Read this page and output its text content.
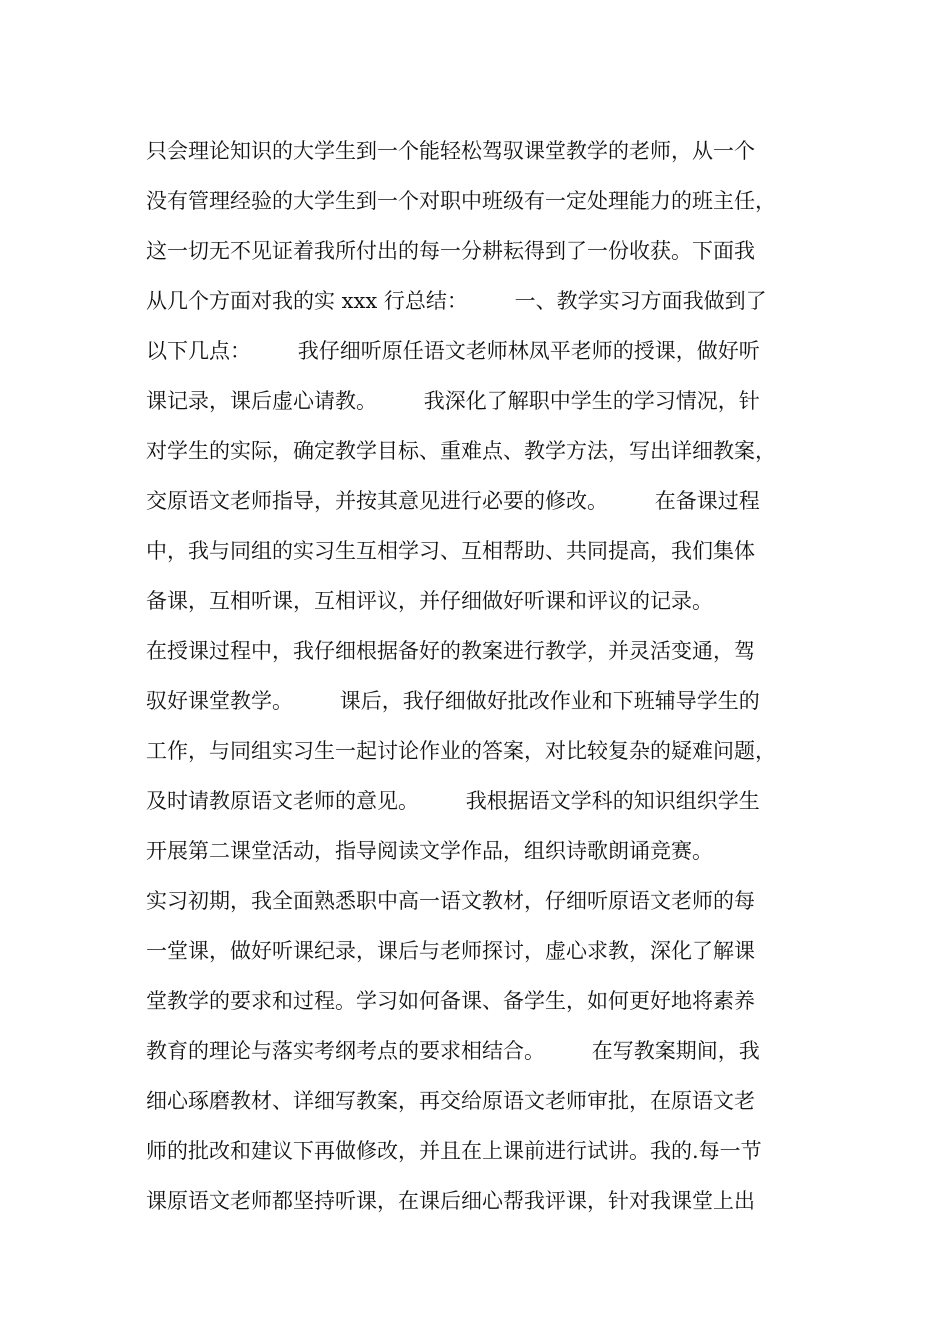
只会理论知识的大学生到一个能轻松驾驭课堂教学的老师，从一个
没有管理经验的大学生到一个对职中班级有一定处理能力的班主任，
这一切无不见证着我所付出的每一分耕耘得到了一份收获。下面我
从几个方面对我的实 xxx 行总结：       一、教学实习方面我做到了
以下几点：       我仔细听原任语文老师林凤平老师的授课，做好听
课记录，课后虚心请教。       我深化了解职中学生的学习情况，针
对学生的实际，确定教学目标、重难点、教学方法，写出详细教案，
交原语文老师指导，并按其意见进行必要的修改。       在备课过程
中，我与同组的实习生互相学习、互相帮助、共同提高，我们集体
备课，互相听课，互相评议，并仔细做好听课和评议的记录。
在授课过程中，我仔细根据备好的教案进行教学，并灵活变通，驾
驭好课堂教学。       课后，我仔细做好批改作业和下班辅导学生的
工作，与同组实习生一起讨论作业的答案，对比较复杂的疑难问题，
及时请教原语文老师的意见。       我根据语文学科的知识组织学生
开展第二课堂活动，指导阅读文学作品，组织诗歌朗诵竞赛。
实习初期，我全面熟悉职中高一语文教材，仔细听原语文老师的每
一堂课，做好听课纪录，课后与老师探讨，虚心求教，深化了解课
堂教学的要求和过程。学习如何备课、备学生，如何更好地将素养
教育的理论与落实考纲考点的要求相结合。       在写教案期间，我
细心琢磨教材、详细写教案，再交给原语文老师审批，在原语文老
师的批改和建议下再做修改，并且在上课前进行试讲。我的.每一节
课原语文老师都坚持听课，在课后细心帮我评课，针对我课堂上出
